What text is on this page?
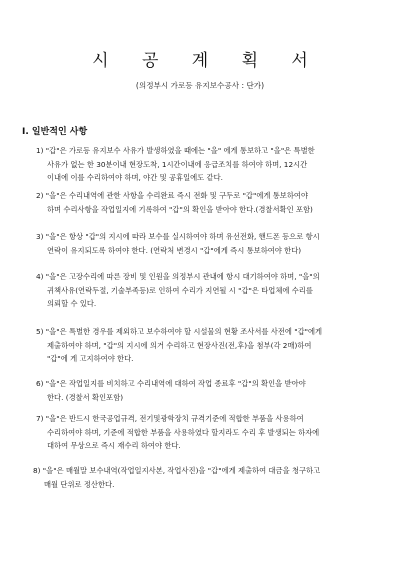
시 공 계 획 서
(의정부시 가로등 유지보수공사 : 단가)
Ⅰ. 일반적인 사항

1) "갑"은 가로등 유지보수 사유가 발생하였을 때에는 "을" 에게 통보하고 "을"은 특별한
사유가 없는 한 30분이내 현장도착, 1시간이내에 응급조치를 하여야 하며, 12시간
이내에 이를 수리하여야 하며, 야간 및 공휴일에도 같다.

2) "을"은 수리내역에 관한 사항을 수리완료 즉시 전화 및 구두로 "갑"에게 통보하여야
하며 수리사항을 작업일지에 기록하여 "갑"의 확인을 받아야 한다.(경찰서확인 포함)

3) "을"은 항상 "갑"의 지시에 따라 보수를 실시하여야 하며 유선전화, 핸드폰 등으로 항시
연락이 유지되도록 하여야 한다. (연락처 변경시 "갑"에게 즉시 통보하여야 한다)

4) "을"은 고장수리에 따른 장비 및 인원을 의정부시 관내에 항시 대기하여야 하며, "을"의
귀책사유(연락두절, 기술부족등)로 인하여 수리가 지연될 시 "갑"은 타업체에 수리를
의뢰할 수 있다.

5) "을"은 특별한 경우를 제외하고 보수하여야 할 시설물의 현황 조사서를 사전에 "갑"에게
제출하여야 하며, "갑"의 지시에 의거 수리하고 현장사진(전,후)을 첨부(각 2매)하여
"갑"에 게 고지하여야 한다.

6) "을"은 작업일지를 비치하고 수리내역에 대하여 작업 종료후 "갑"의 확인을 받아야
한다. (경찰서 확인포함)

7) "을"은 반드시 한국공업규격, 전기및광학장치 규격기준에 적합한 부품을 사용하여
수리하여야 하며, 기준에 적합한 부품을 사용하였다 할지라도 수리 후 발생되는 하자에
대하여 무상으로 즉시 재수리 하여야 한다.

8) "을"은 매월말 보수내역(작업일지사본, 작업사진)을 "갑"에게 제출하여 대금을 청구하고
매월 단위로 정산한다.
